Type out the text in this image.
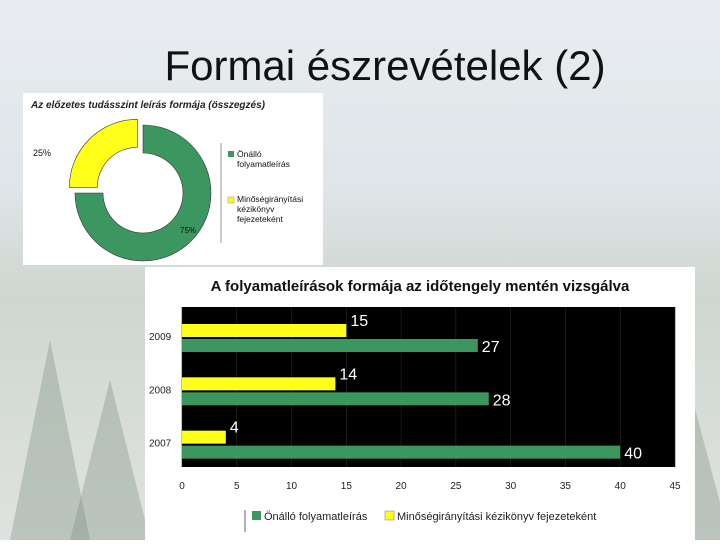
Formai észrevételek (2)
Az előzetes tudásszint leírás formája (összegzés)
75%
25%	Önálló folyamatleírás
Minőségirányítási kézikönyv fejezeteként
A folyamatleírások formája az időtengely mentén vizsgálva
0	5	10	15	20	25	30	35	40	45
2009
15
27
2008
14
28
2007
4
40
Önálló folyamatleírás	Minőségirányítási kézikönyv fejezeteként
